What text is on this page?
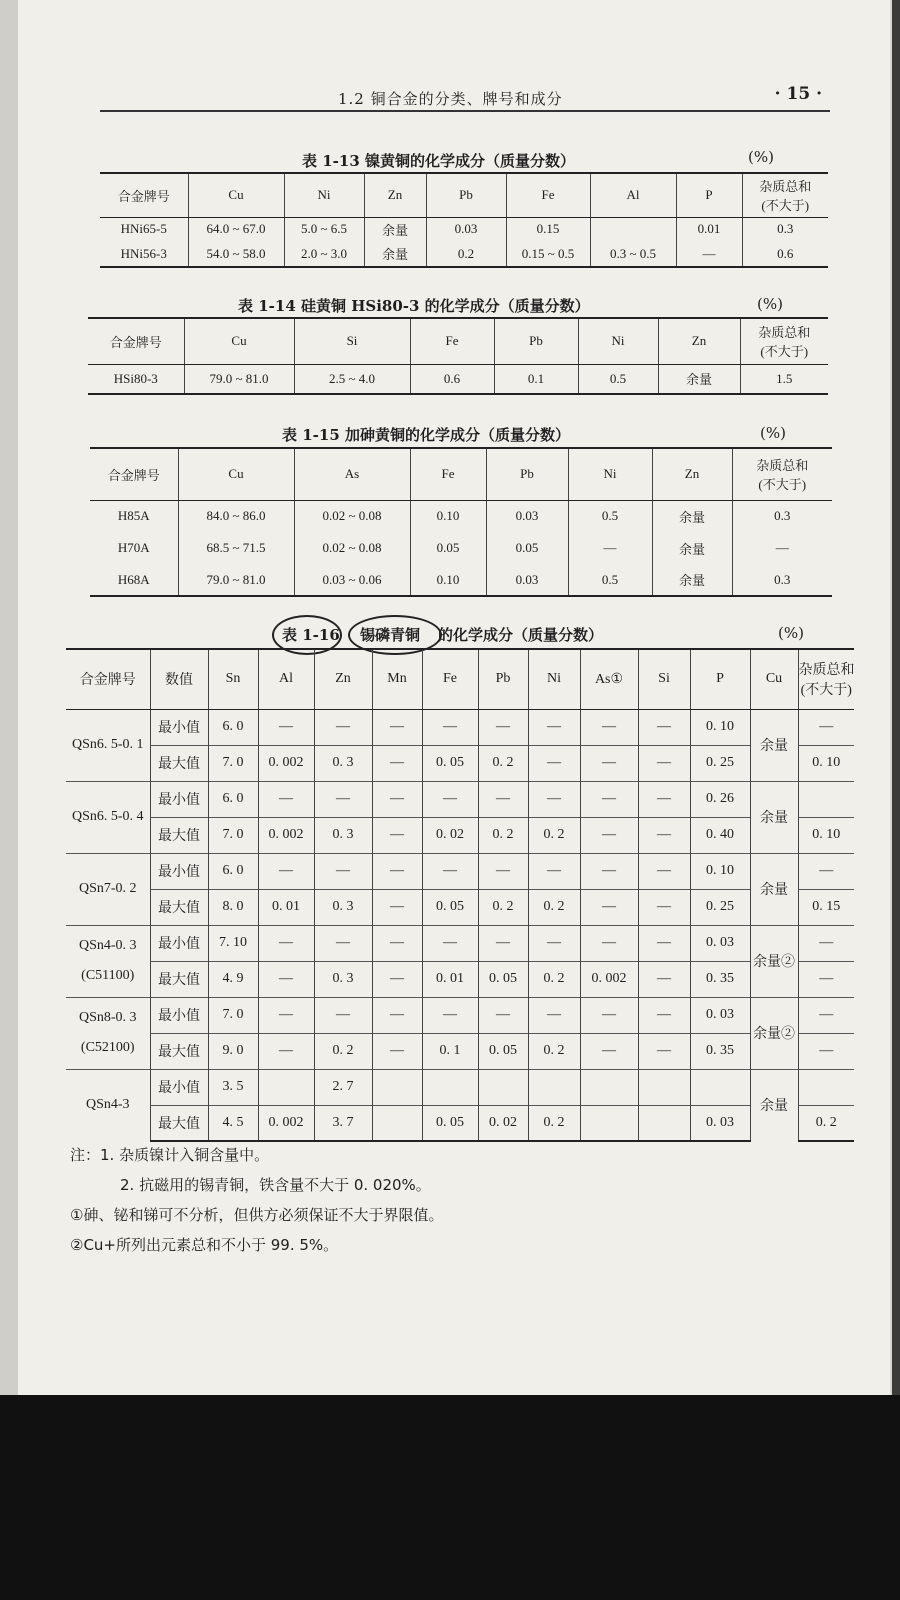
1.2 铜合金的分类、牌号和成分	· 15 ·
表 1-13 镍黄铜的化学成分（质量分数）	(%)
合金牌号	Cu	Ni	Zn	Pb	Fe	Al	P	杂质总和
(不大于)

HNi65-5	64.0 ~ 67.0	5.0 ~ 6.5	余量	0.03	0.15		0.01	0.3
HNi56-3	54.0 ~ 58.0	2.0 ~ 3.0	余量	0.2	0.15 ~ 0.5	0.3 ~ 0.5	—	0.6
表 1-14 硅黄铜 HSi80-3 的化学成分（质量分数）	(%)
合金牌号	Cu	Si	Fe	Pb	Ni	Zn	杂质总和
(不大于)

HSi80-3	79.0 ~ 81.0	2.5 ~ 4.0	0.6	0.1	0.5	余量	1.5
表 1-15 加砷黄铜的化学成分（质量分数）	(%)
合金牌号	Cu	As	Fe	Pb	Ni	Zn	杂质总和
(不大于)

H85A	84.0 ~ 86.0	0.02 ~ 0.08	0.10	0.03	0.5	余量	0.3
H70A	68.5 ~ 71.5	0.02 ~ 0.08	0.05	0.05	—	余量	—
H68A	79.0 ~ 81.0	0.03 ~ 0.06	0.10	0.03	0.5	余量	0.3
表 1-16 锡磷青铜 的化学成分（质量分数）	(%)
合金牌号	数值	Sn	Al	Zn	Mn	Fe	Pb	Ni	As①	Si	P	Cu	杂质总和
(不大于)

QSn6. 5-0. 1	最小值	6. 0	—	—	—	—	—	—	—	—	0. 10	余量	—
	最大值	7. 0	0. 002	0. 3	—	0. 05	0. 2	—	—	—	0. 25		0. 10

QSn6. 5-0. 4	最小值	6. 0	—	—	—	—	—	—	—	—	0. 26	余量	
	最大值	7. 0	0. 002	0. 3	—	0. 02	0. 2	0. 2	—	—	0. 40		0. 10

QSn7-0. 2	最小值	6. 0	—	—	—	—	—	—	—	—	0. 10	余量	—
	最大值	8. 0	0. 01	0. 3	—	0. 05	0. 2	0. 2	—	—	0. 25		0. 15

QSn4-0. 3
(C51100)	最小值	7. 10	—	—	—	—	—	—	—	—	0. 03	余量②	—
	最大值	4. 9	—	0. 3	—	0. 01	0. 05	0. 2	0. 002	—	0. 35		—

QSn8-0. 3
(C52100)	最小值	7. 0	—	—	—	—	—	—	—	—	0. 03	余量②	—
	最大值	9. 0	—	0. 2	—	0. 1	0. 05	0. 2	—	—	0. 35		—

QSn4-3	最小值	3. 5		2. 7								余量	
	最大值	4. 5	0. 002	3. 7		0. 05	0. 02	0. 2			0. 03		0. 2
注：1. 杂质镍计入铜含量中。
2. 抗磁用的锡青铜，铁含量不大于 0. 020%。
①砷、铋和锑可不分析，但供方必须保证不大于界限值。
②Cu+所列出元素总和不小于 99. 5%。
